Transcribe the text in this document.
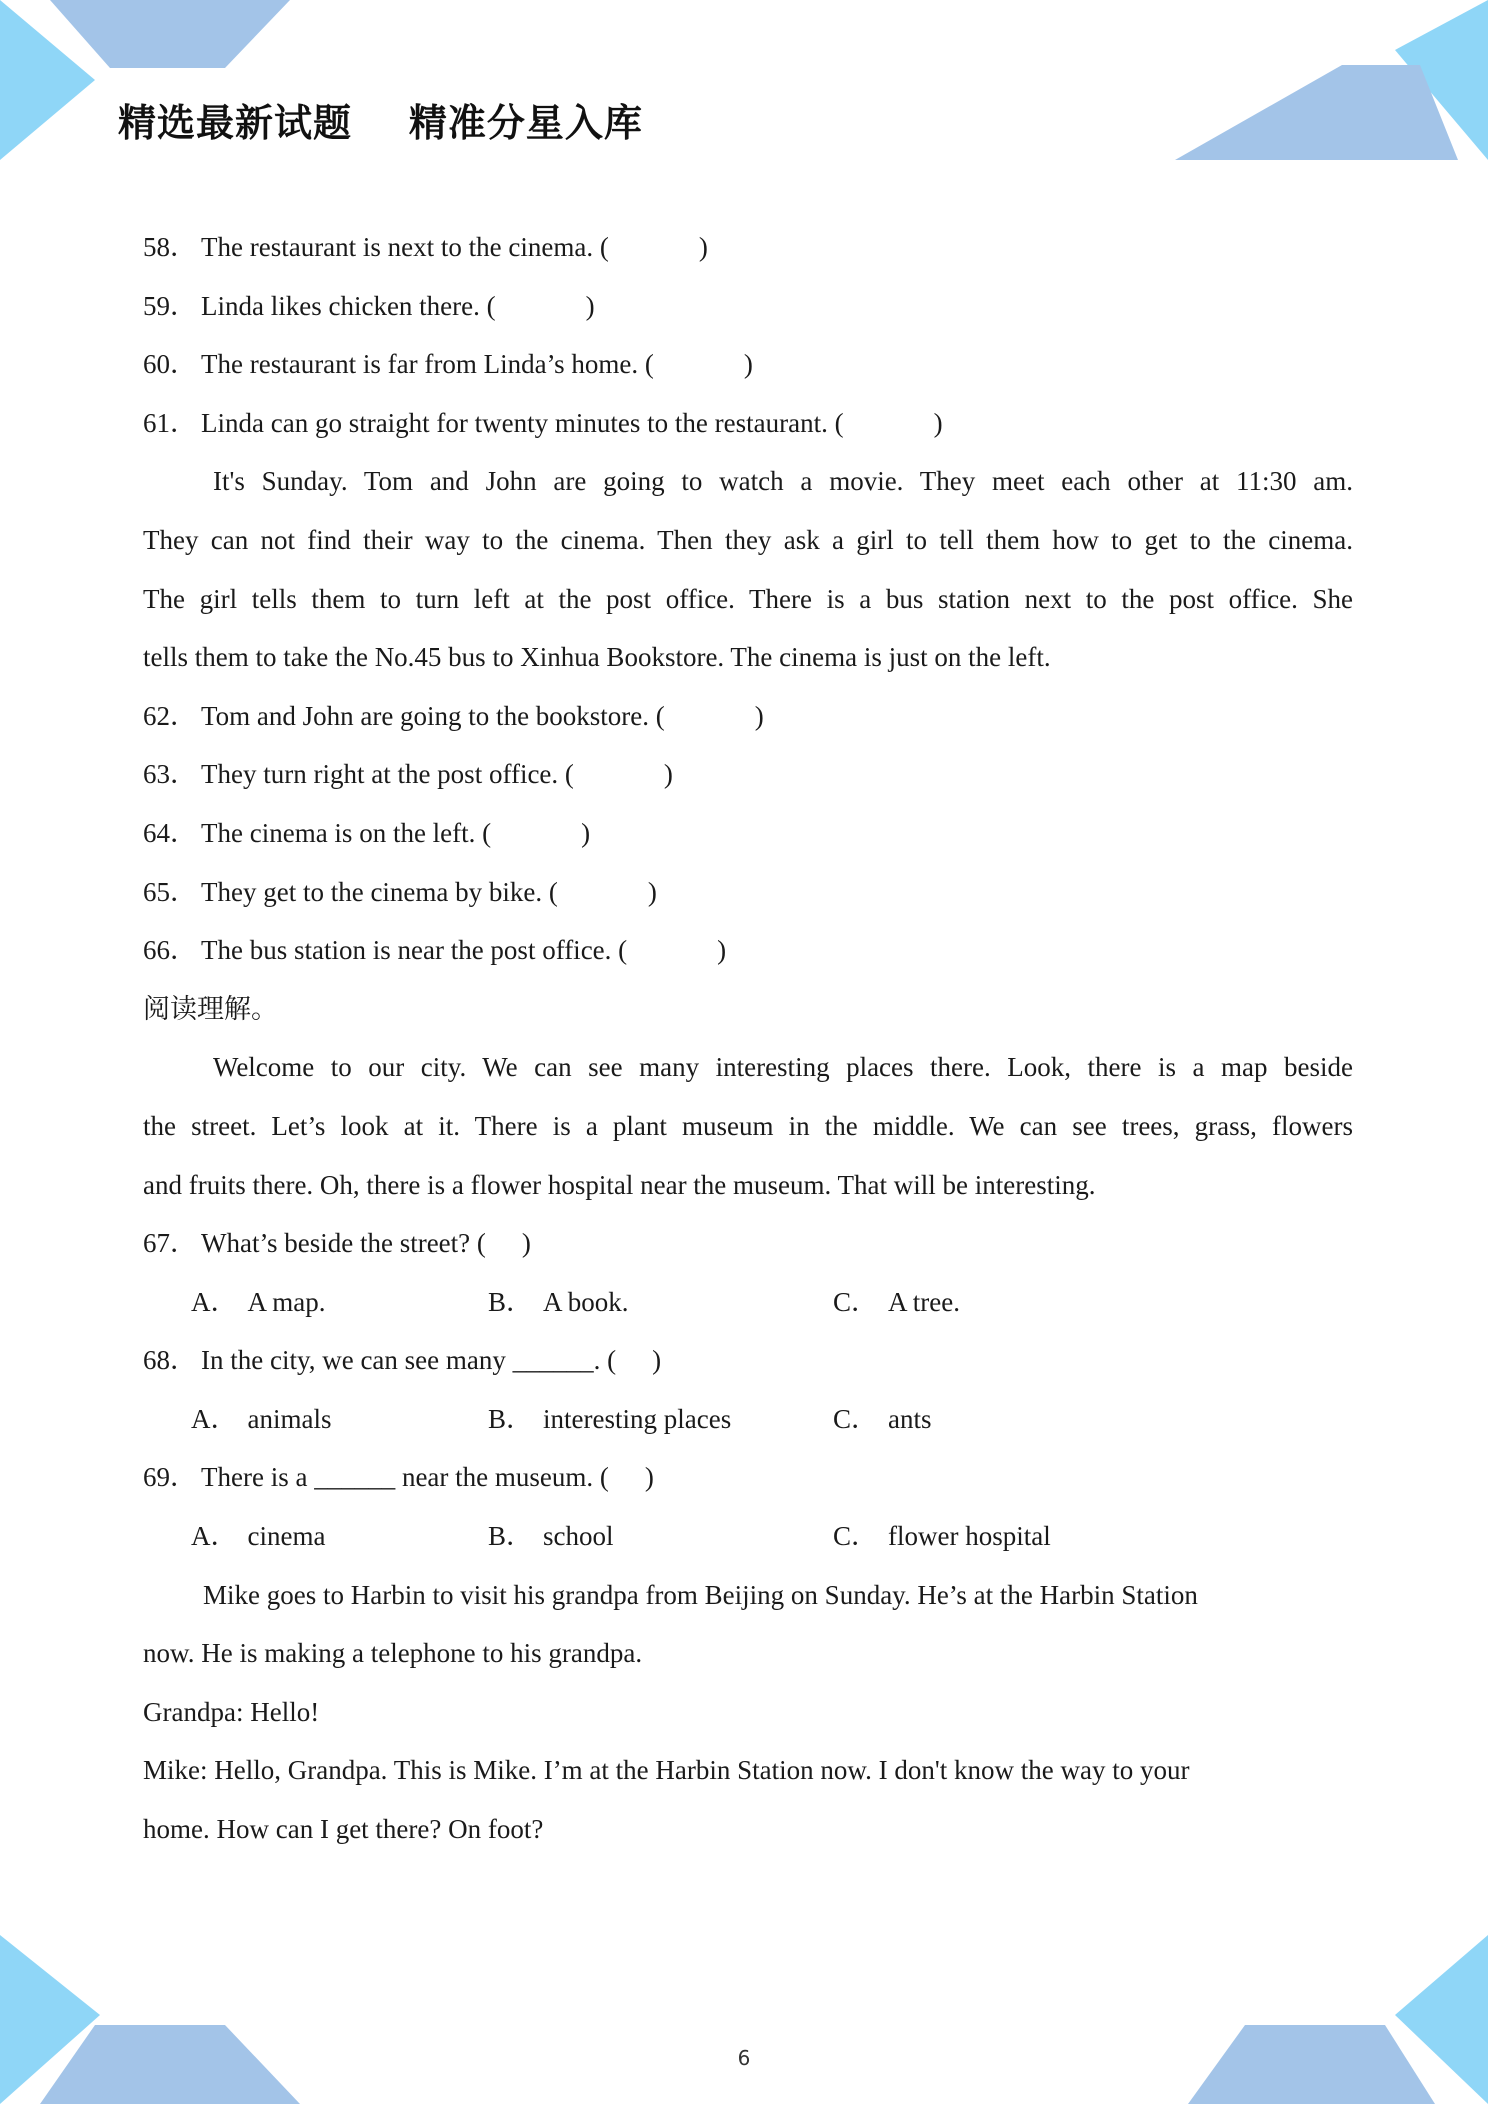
精选最新试题    精准分星入库
58． The restaurant is next to the cinema. (	)
59． Linda likes chicken there. (	)
60． The restaurant is far from Linda’s home. (	)
61． Linda can go straight for twenty minutes to the restaurant. (	)
It's Sunday. Tom and John are going to watch a movie. They meet each other at 11:30 am.
They can not find their way to the cinema. Then they ask a girl to tell them how to get to the cinema.
The girl tells them to turn left at the post office. There is a bus station next to the post office. She
tells them to take the No.45 bus to Xinhua Bookstore. The cinema is just on the left.
62． Tom and John are going to the bookstore. (	)
63． They turn right at the post office. (	)
64． The cinema is on the left. (	)
65． They get to the cinema by bike. (	)
66． The bus station is near the post office. (	)
阅读理解。
Welcome to our city. We can see many interesting places there. Look, there is a map beside
the street. Let’s look at it. There is a plant museum in the middle. We can see trees, grass, flowers
and fruits there. Oh, there is a flower hospital near the museum. That will be interesting.
67． What’s beside the street? ( )
A． A map.	B． A book.	C． A tree.
68． In the city, we can see many ______. ( )
A． animals	B． interesting places	C． ants
69． There is a ______ near the museum. ( )
A． cinema	B． school	C． flower hospital
Mike goes to Harbin to visit his grandpa from Beijing on Sunday. He’s at the Harbin Station
now. He is making a telephone to his grandpa.
Grandpa: Hello!
Mike: Hello, Grandpa. This is Mike. I’m at the Harbin Station now. I don't know the way to your
home. How can I get there? On foot?
6
